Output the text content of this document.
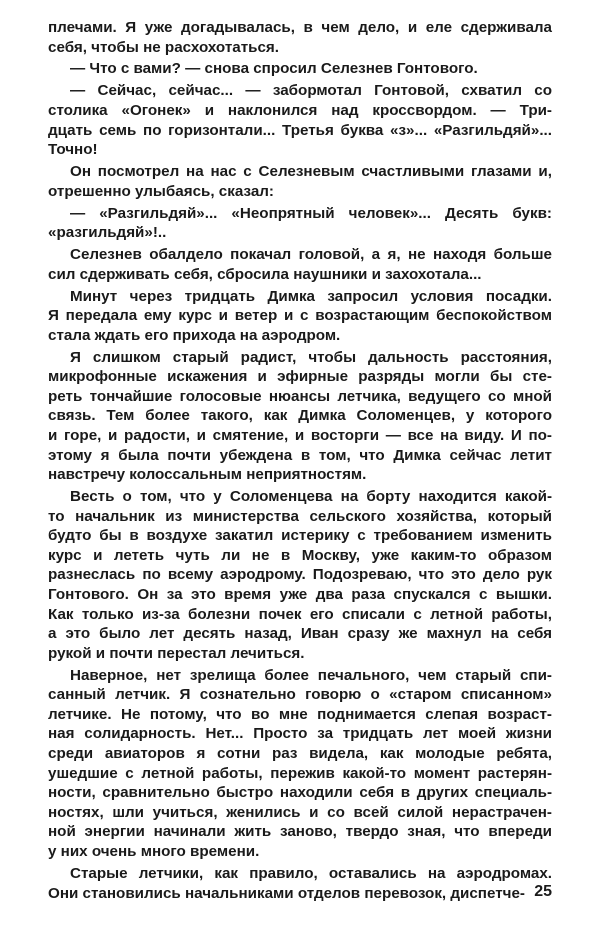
плечами. Я уже догадывалась, в чем дело, и еле сдерживала
себя, чтобы не расхохотаться.
— Что с вами? — снова спросил Селезнев Гонтового.
— Сейчас, сейчас... — забормотал Гонтовой, схватил со
столика «Огонек» и наклонился над кроссвордом. — Три-
дцать семь по горизонтали... Третья буква «з»... «Разгильдяй»...
Точно!
Он посмотрел на нас с Селезневым счастливыми глазами и,
отрешенно улыбаясь, сказал:
— «Разгильдяй»... «Неопрятный человек»... Десять букв:
«разгильдяй»!..
Селезнев обалдело покачал головой, а я, не находя больше
сил сдерживать себя, сбросила наушники и захохотала...
Минут через тридцать Димка запросил условия посадки.
Я передала ему курс и ветер и с возрастающим беспокойством
стала ждать его прихода на аэродром.
Я слишком старый радист, чтобы дальность расстояния,
микрофонные искажения и эфирные разряды могли бы сте-
реть тончайшие голосовые нюансы летчика, ведущего со мной
связь. Тем более такого, как Димка Соломенцев, у которого
и горе, и радости, и смятение, и восторги — все на виду. И по-
этому я была почти убеждена в том, что Димка сейчас летит
навстречу колоссальным неприятностям.
Весть о том, что у Соломенцева на борту находится какой-
то начальник из министерства сельского хозяйства, который
будто бы в воздухе закатил истерику с требованием изменить
курс и лететь чуть ли не в Москву, уже каким-то образом
разнеслась по всему аэродрому. Подозреваю, что это дело рук
Гонтового. Он за это время уже два раза спускался с вышки.
Как только из-за болезни почек его списали с летной работы,
а это было лет десять назад, Иван сразу же махнул на себя
рукой и почти перестал лечиться.
Наверное, нет зрелища более печального, чем старый спи-
санный летчик. Я сознательно говорю о «старом списанном»
летчике. Не потому, что во мне поднимается слепая возраст-
ная солидарность. Нет... Просто за тридцать лет моей жизни
среди авиаторов я сотни раз видела, как молодые ребята,
ушедшие с летной работы, пережив какой-то момент растерян-
ности, сравнительно быстро находили себя в других специаль-
ностях, шли учиться, женились и со всей силой нерастрачен-
ной энергии начинали жить заново, твердо зная, что впереди
у них очень много времени.
Старые летчики, как правило, оставались на аэродромах.
Они становились начальниками отделов перевозок, диспетче- 25
